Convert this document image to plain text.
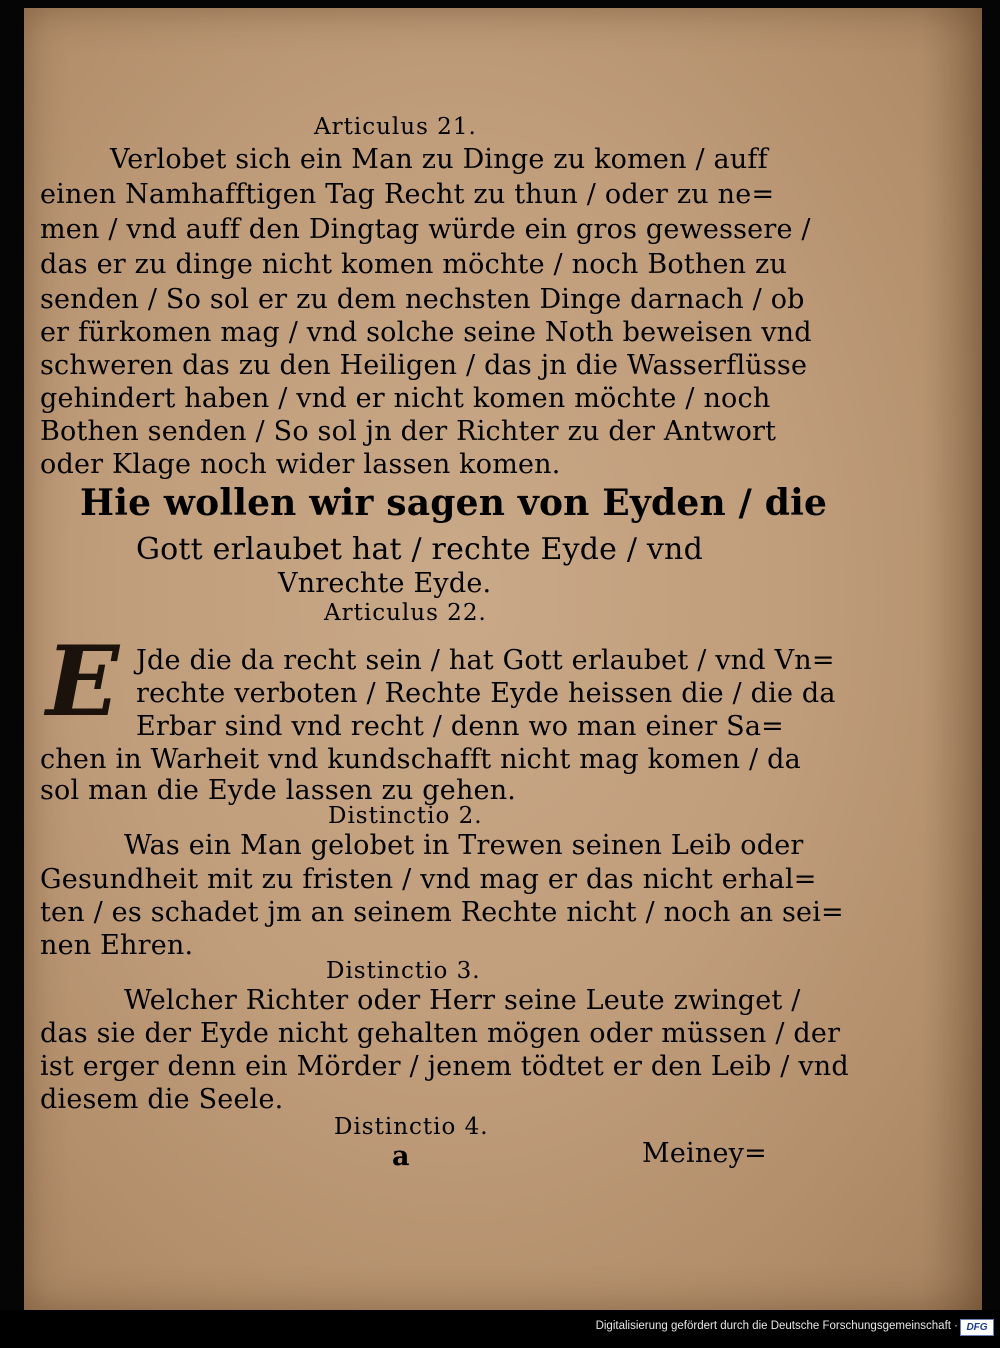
Articulus 21.
Verlobet sich ein Man zu Dinge zu komen / auff
einen Namhafftigen Tag Recht zu thun / oder zu ne=
men / vnd auff den Dingtag würde ein gros gewessere /
das er zu dinge nicht komen möchte / noch Bothen zu
senden / So sol er zu dem nechsten Dinge darnach / ob
er fürkomen mag / vnd solche seine Noth beweisen vnd
schweren das zu den Heiligen / das jn die Wasserflüsse
gehindert haben / vnd er nicht komen möchte / noch
Bothen senden / So sol jn der Richter zu der Antwort
oder Klage noch wider lassen komen.
Hie wollen wir sagen von Eyden / die
Gott erlaubet hat / rechte Eyde / vnd
Vnrechte Eyde.
Articulus 22.
E Jde die da recht sein / hat Gott erlaubet / vnd Vn=
rechte verboten / Rechte Eyde heissen die / die da
Erbar sind vnd recht / denn wo man einer Sa=
chen in Warheit vnd kundschafft nicht mag komen / da
sol man die Eyde lassen zu gehen.
Distinctio 2.
Was ein Man gelobet in Trewen seinen Leib oder
Gesundheit mit zu fristen / vnd mag er das nicht erhal=
ten / es schadet jm an seinem Rechte nicht / noch an sei=
nen Ehren.
Distinctio 3.
Welcher Richter oder Herr seine Leute zwinget /
das sie der Eyde nicht gehalten mögen oder müssen / der
ist erger denn ein Mörder / jenem tödtet er den Leib / vnd
diesem die Seele.
Distinctio 4.
a	Meiney=
Digitalisierung gefördert durch die Deutsche Forschungsgemeinschaft · DFG
